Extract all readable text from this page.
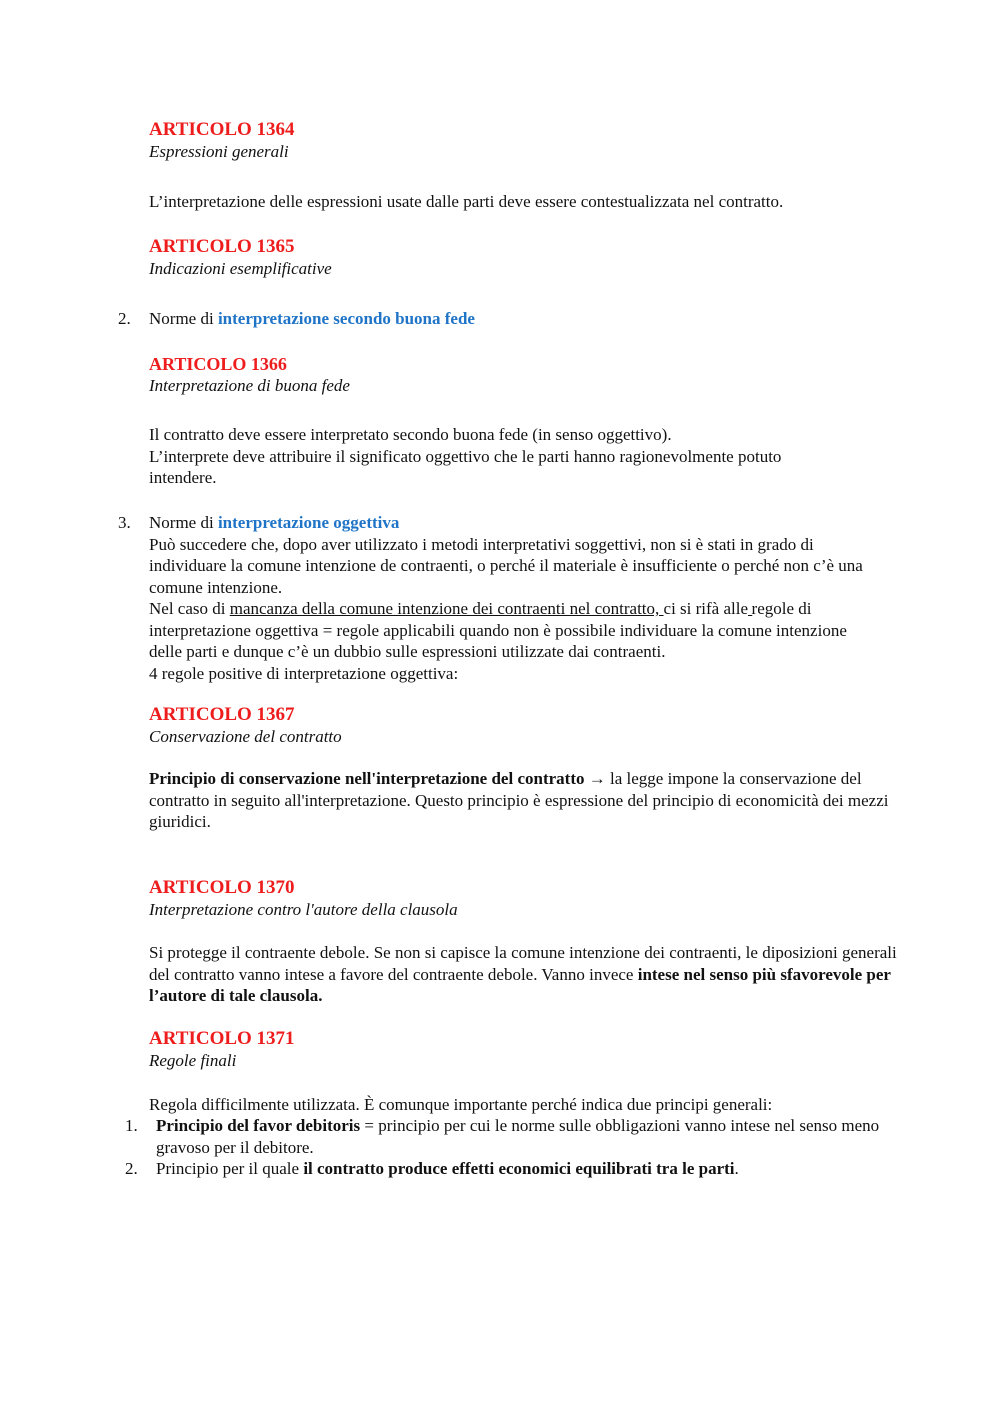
ARTICOLO 1364
Espressioni generali
L’interpretazione delle espressioni usate dalle parti deve essere contestualizzata nel contratto.
ARTICOLO 1365
Indicazioni esemplificative
2. Norme di interpretazione secondo buona fede
ARTICOLO 1366
Interpretazione di buona fede
Il contratto deve essere interpretato secondo buona fede (in senso oggettivo).
L’interprete deve attribuire il significato oggettivo che le parti hanno ragionevolmente potuto intendere.
3. Norme di interpretazione oggettiva
Può succedere che, dopo aver utilizzato i metodi interpretativi soggettivi, non si è stati in grado di individuare la comune intenzione de contraenti, o perché il materiale è insufficiente o perché non c’è una comune intenzione.
Nel caso di mancanza della comune intenzione dei contraenti nel contratto, ci si rifà alle  regole di interpretazione oggettiva = regole applicabili quando non è possibile individuare la comune intenzione delle parti e dunque c’è un dubbio sulle espressioni utilizzate dai contraenti.
4 regole positive di interpretazione oggettiva:
ARTICOLO 1367
Conservazione del contratto
Principio di conservazione nell'interpretazione del contratto → la legge impone la conservazione del contratto in seguito all'interpretazione. Questo principio è espressione del principio di economicità dei mezzi giuridici.
ARTICOLO 1370
Interpretazione contro l'autore della clausola
Si protegge il contraente debole. Se non si capisce la comune intenzione dei contraenti, le diposizioni generali del contratto vanno intese a favore del contraente debole. Vanno invece intese nel senso più sfavorevole per l’autore di tale clausola.
ARTICOLO 1371
Regole finali
Regola difficilmente utilizzata. È comunque importante perché indica due principi generali:
1. Principio del favor debitoris = principio per cui le norme sulle obbligazioni vanno intese nel senso meno gravoso per il debitore.
2. Principio per il quale il contratto produce effetti economici equilibrati tra le parti.
